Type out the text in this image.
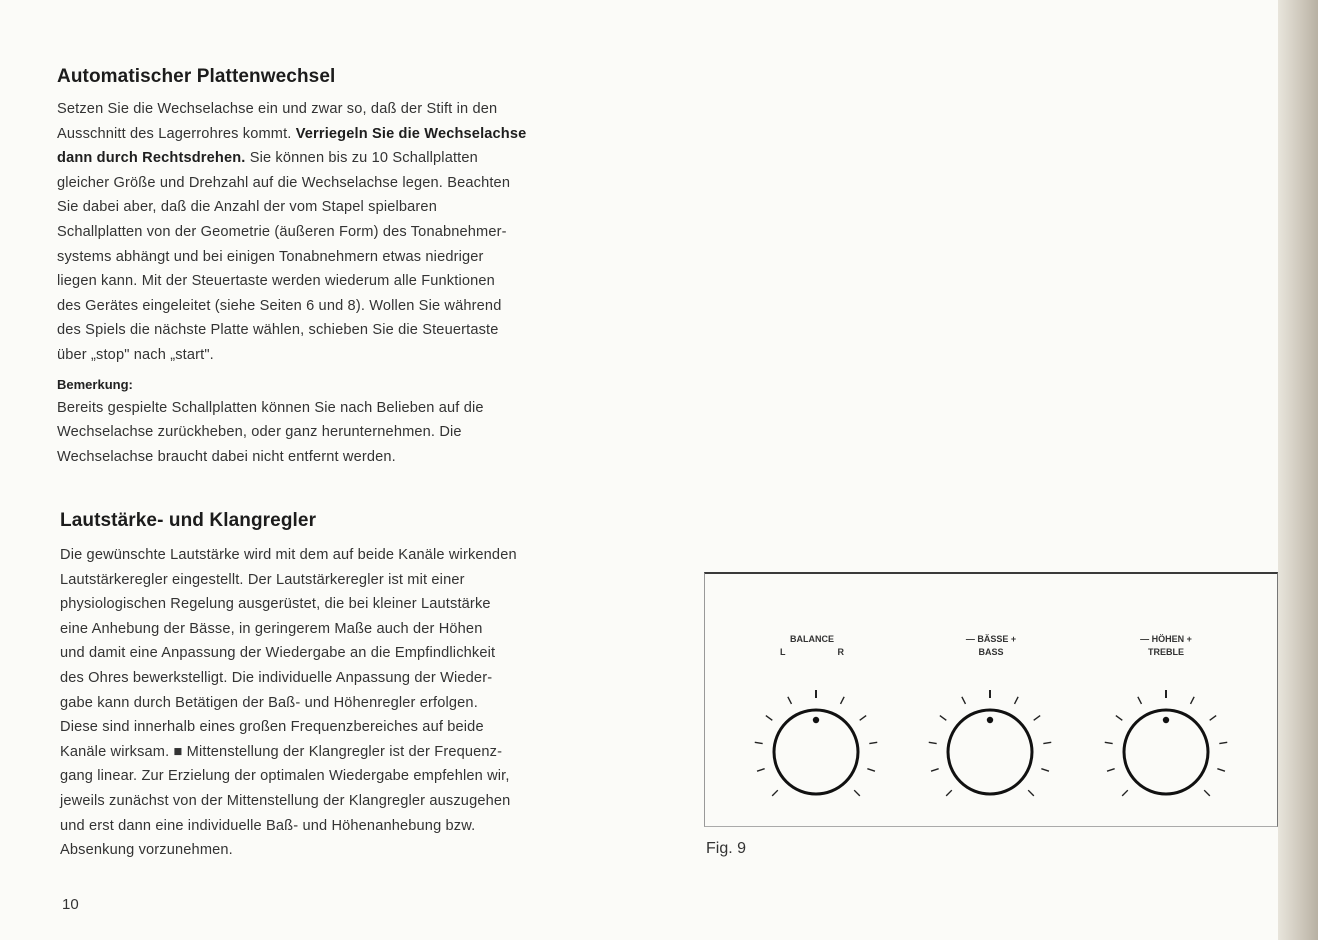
Automatischer Plattenwechsel

Setzen Sie die Wechselachse ein und zwar so, daß der Stift in den

Ausschnitt des Lagerrohres kommt. Verriegeln Sie die Wechselachse

dann durch Rechtsdrehen. Sie können bis zu 10 Schallplatten

gleicher Größe und Drehzahl auf die Wechselachse legen. Beachten

Sie dabei aber, daß die Anzahl der vom Stapel spielbaren

Schallplatten von der Geometrie (äußeren Form) des Tonabnehmer-

systems abhängt und bei einigen Tonabnehmern etwas niedriger

liegen kann. Mit der Steuertaste werden wiederum alle Funktionen

des Gerätes eingeleitet (siehe Seiten 6 und 8). Wollen Sie während

des Spiels die nächste Platte wählen, schieben Sie die Steuertaste

über „stop" nach „start".

Bemerkung:

Bereits gespielte Schallplatten können Sie nach Belieben auf die

Wechselachse zurückheben, oder ganz herunternehmen. Die

Wechselachse braucht dabei nicht entfernt werden.

Lautstärke- und Klangregler

Die gewünschte Lautstärke wird mit dem auf beide Kanäle wirkenden

Lautstärkeregler eingestellt. Der Lautstärkeregler ist mit einer

physiologischen Regelung ausgerüstet, die bei kleiner Lautstärke

eine Anhebung der Bässe, in geringerem Maße auch der Höhen

und damit eine Anpassung der Wiedergabe an die Empfindlichkeit

des Ohres bewerkstelligt. Die individuelle Anpassung der Wieder-

gabe kann durch Betätigen der Baß- und Höhenregler erfolgen.

Diese sind innerhalb eines großen Frequenzbereiches auf beide

Kanäle wirksam. ■ Mittenstellung der Klangregler ist der Frequenz-

gang linear. Zur Erzielung der optimalen Wiedergabe empfehlen wir,

jeweils zunächst von der Mittenstellung der Klangregler auszugehen

und erst dann eine individuelle Baß- und Höhenanhebung bzw.

Absenkung vorzunehmen.

10
BALANCE
L	R
— BÄSSE +
BASS
— HÖHEN +
TREBLE
Fig. 9
